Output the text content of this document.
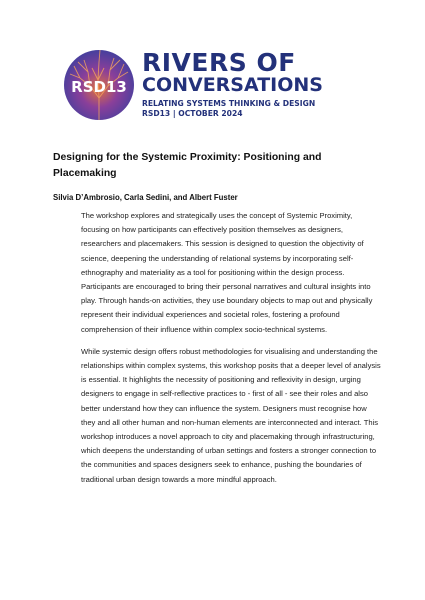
RSD13
RIVERS OF
CONVERSATIONS
RELATING SYSTEMS THINKING & DESIGN
RSD13 | OCTOBER 2024
Designing for the Systemic Proximity: Positioning and Placemaking
Silvia D’Ambrosio, Carla Sedini, and Albert Fuster

The workshop explores and strategically uses the concept of Systemic Proximity, focusing on how participants can effectively position themselves as designers, researchers and placemakers. This session is designed to question the objectivity of science, deepening the understanding of relational systems by incorporating self-ethnography and materiality as a tool for positioning within the design process. Participants are encouraged to bring their personal narratives and cultural insights into play. Through hands-on activities, they use boundary objects to map out and physically represent their individual experiences and societal roles, fostering a profound comprehension of their influence within complex socio-technical systems.

While systemic design offers robust methodologies for visualising and understanding the relationships within complex systems, this workshop posits that a deeper level of analysis is essential. It highlights the necessity of positioning and reflexivity in design, urging designers to engage in self-reflective practices to - first of all - see their roles and also better understand how they can influence the system. Designers must recognise how they and all other human and non-human elements are interconnected and interact. This workshop introduces a novel approach to city and placemaking through infrastructuring, which deepens the understanding of urban settings and fosters a stronger connection to the communities and spaces designers seek to enhance, pushing the boundaries of traditional urban design towards a more mindful approach.
